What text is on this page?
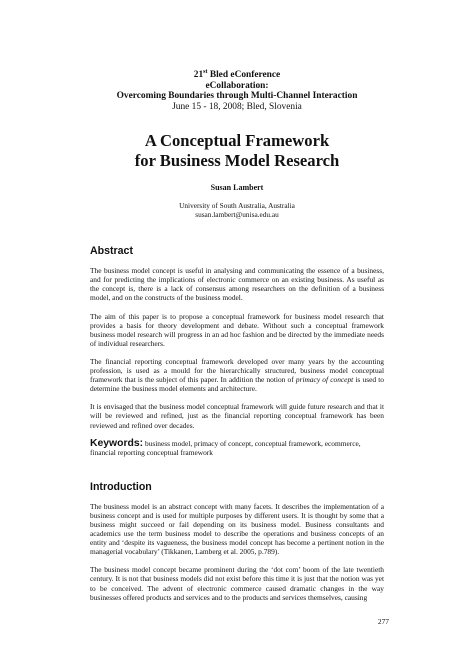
21st Bled eConference
eCollaboration:
Overcoming Boundaries through Multi-Channel Interaction
June 15 - 18, 2008; Bled, Slovenia
A Conceptual Framework
for Business Model Research
Susan Lambert
University of South Australia, Australia
susan.lambert@unisa.edu.au
Abstract

The business model concept is useful in analysing and communicating the essence of a business, and for predicting the implications of electronic commerce on an existing business. As useful as the concept is, there is a lack of consensus among researchers on the definition of a business model, and on the constructs of the business model.

The aim of this paper is to propose a conceptual framework for business model research that provides a basis for theory development and debate. Without such a conceptual framework business model research will progress in an ad hoc fashion and be directed by the immediate needs of individual researchers.

The financial reporting conceptual framework developed over many years by the accounting profession, is used as a mould for the hierarchically structured, business model conceptual framework that is the subject of this paper. In addition the notion of primacy of concept is used to determine the business model elements and architecture.

It is envisaged that the business model conceptual framework will guide future research and that it will be reviewed and refined, just as the financial reporting conceptual framework has been reviewed and refined over decades.

Keywords: business model, primacy of concept, conceptual framework, ecommerce, financial reporting conceptual framework
Introduction

The business model is an abstract concept with many facets. It describes the implementation of a business concept and is used for multiple purposes by different users. It is thought by some that a business might succeed or fail depending on its business model. Business consultants and academics use the term business model to describe the operations and business concepts of an entity and ‘despite its vagueness, the business model concept has become a pertinent notion in the managerial vocabulary’ (Tikkanen, Lamberg et al. 2005, p.789).

The business model concept became prominent during the ‘dot com’ boom of the late twentieth century. It is not that business models did not exist before this time it is just that the notion was yet to be conceived. The advent of electronic commerce caused dramatic changes in the way businesses offered products and services and to the products and services themselves, causing

277
